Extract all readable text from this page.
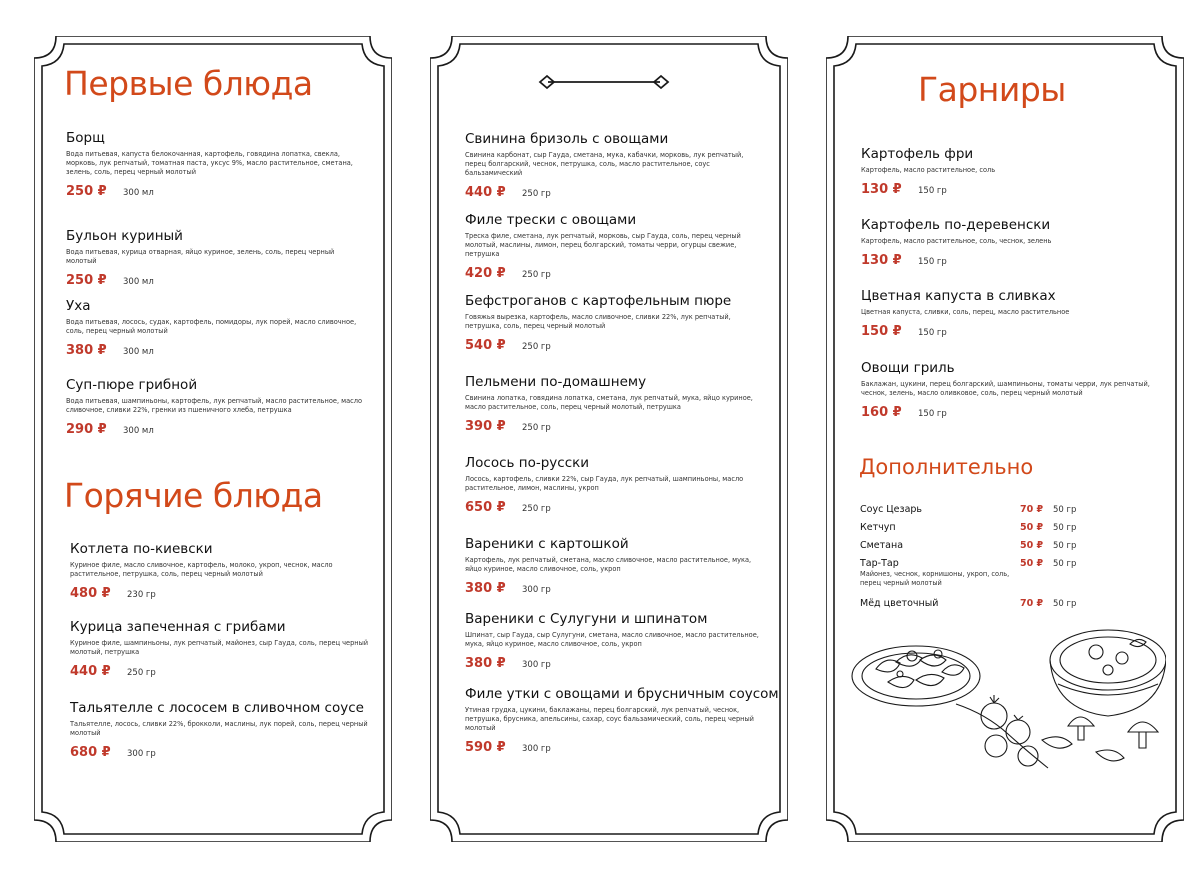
Первые блюда
Борщ
Вода питьевая, капуста белокочанная, картофель, говядина лопатка, свекла, морковь, лук репчатый, томатная паста, уксус 9%, масло растительное, сметана, зелень, соль, перец черный молотый
250 ₽	300 мл
Бульон куриный
Вода питьевая, курица отварная, яйцо куриное, зелень, соль, перец черный молотый
250 ₽	300 мл
Уха
Вода питьевая, лосось, судак, картофель, помидоры, лук порей, масло сливочное, соль, перец черный молотый
380 ₽	300 мл
Суп-пюре грибной
Вода питьевая, шампиньоны, картофель, лук репчатый, масло растительное, масло сливочное, сливки 22%, гренки из пшеничного хлеба, петрушка
290 ₽	300 мл
Горячие блюда
Котлета по-киевски
Куриное филе, масло сливочное, картофель, молоко, укроп, чеснок, масло растительное, петрушка, соль, перец черный молотый
480 ₽	230 гр
Курица запеченная с грибами
Куриное филе, шампиньоны, лук репчатый, майонез, сыр Гауда, соль, перец черный молотый, петрушка
440 ₽	250 гр
Тальятелле с лососем в сливочном соусе
Тальятелле, лосось, сливки 22%, брокколи, маслины, лук порей, соль, перец черный молотый
680 ₽	300 гр
Свинина бризоль с овощами
Свинина карбонат, сыр Гауда, сметана, мука, кабачки, морковь, лук репчатый, перец болгарский, чеснок, петрушка, соль, масло растительное, соус бальзамический
440 ₽	250 гр
Филе трески с овощами
Треска филе, сметана, лук репчатый, морковь, сыр Гауда, соль, перец черный молотый, маслины, лимон, перец болгарский, томаты черри, огурцы свежие, петрушка
420 ₽	250 гр
Бефстроганов с картофельным пюре
Говяжья вырезка, картофель, масло сливочное, сливки 22%, лук репчатый, петрушка, соль, перец черный молотый
540 ₽	250 гр
Пельмени по-домашнему
Свинина лопатка, говядина лопатка, сметана, лук репчатый, мука, яйцо куриное, масло растительное, соль, перец черный молотый, петрушка
390 ₽	250 гр
Лосось по-русски
Лосось, картофель, сливки 22%, сыр Гауда, лук репчатый, шампиньоны, масло растительное, лимон, маслины, укроп
650 ₽	250 гр
Вареники с картошкой
Картофель, лук репчатый, сметана, масло сливочное, масло растительное, мука, яйцо куриное, масло сливочное, соль, укроп
380 ₽	300 гр
Вареники с Сулугуни и шпинатом
Шпинат, сыр Гауда, сыр Сулугуни, сметана, масло сливочное, масло растительное, мука, яйцо куриное, масло сливочное, соль, укроп
380 ₽	300 гр
Филе утки с овощами и брусничным соусом
Утиная грудка, цукини, баклажаны, перец болгарский, лук репчатый, чеснок, петрушка, брусника, апельсины, сахар, соус бальзамический, соль, перец черный молотый
590 ₽	300 гр
Гарниры
Картофель фри
Картофель, масло растительное, соль
130 ₽	150 гр
Картофель по-деревенски
Картофель, масло растительное, соль, чеснок, зелень
130 ₽	150 гр
Цветная капуста в сливках
Цветная капуста, сливки, соль, перец, масло растительное
150 ₽	150 гр
Овощи гриль
Баклажан, цукини, перец болгарский, шампиньоны, томаты черри, лук репчатый, чеснок, зелень, масло оливковое, соль, перец черный молотый
160 ₽	150 гр
Дополнительно
Соус Цезарь	70 ₽ 50 гр
Кетчуп	50 ₽ 50 гр
Сметана	50 ₽ 50 гр
Тар-Тар	50 ₽ 50 гр
Майонез, чеснок, корнишоны, укроп, соль, перец черный молотый
Мёд цветочный	70 ₽ 50 гр
